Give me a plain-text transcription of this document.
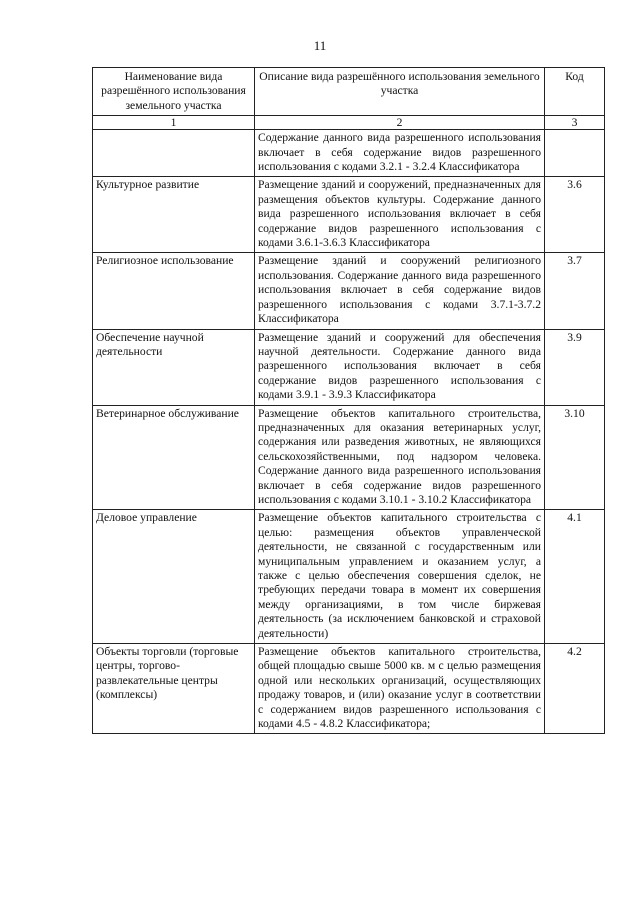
11
Наименование вида разрешённого использования земельного участка	Описание вида разрешённого использования земельного участка	Код
1	2	3
	Содержание данного вида разрешенного использования включает в себя содержание видов разрешенного использования с кодами 3.2.1 - 3.2.4 Классификатора	
Культурное развитие	Размещение зданий и сооружений, предназначенных для размещения объектов культуры. Содержание данного вида разрешенного использования включает в себя содержание видов разрешенного использования с кодами 3.6.1-3.6.3 Классификатора	3.6
Религиозное использование	Размещение зданий и сооружений религиозного использования. Содержание данного вида разрешенного использования включает в себя содержание видов разрешенного использования с кодами 3.7.1-3.7.2 Классификатора	3.7
Обеспечение научной деятельности	Размещение зданий и сооружений для обеспечения научной деятельности. Содержание данного вида разрешенного использования включает в себя содержание видов разрешенного использования с кодами 3.9.1 - 3.9.3 Классификатора	3.9
Ветеринарное обслуживание	Размещение объектов капитального строительства, предназначенных для оказания ветеринарных услуг, содержания или разведения животных, не являющихся сельскохозяйственными, под надзором человека. Содержание данного вида разрешенного использования включает в себя содержание видов разрешенного использования с кодами 3.10.1 - 3.10.2 Классификатора	3.10
Деловое управление	Размещение объектов капитального строительства с целью: размещения объектов управленческой деятельности, не связанной с государственным или муниципальным управлением и оказанием услуг, а также с целью обеспечения совершения сделок, не требующих передачи товара в момент их совершения между организациями, в том числе биржевая деятельность (за исключением банковской и страховой деятельности)	4.1
Объекты торговли (торговые центры, торгово-развлекательные центры (комплексы)	Размещение объектов капитального строительства, общей площадью свыше 5000 кв. м с целью размещения одной или нескольких организаций, осуществляющих продажу товаров, и (или) оказание услуг в соответствии с содержанием видов разрешенного использования с кодами 4.5 - 4.8.2 Классификатора;	4.2
